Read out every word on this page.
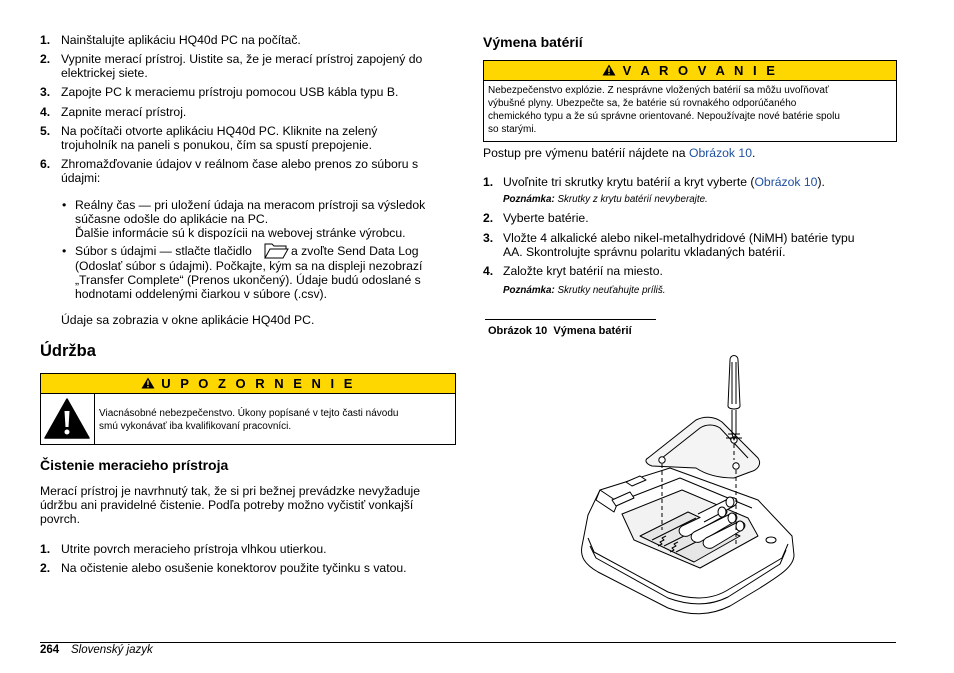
1. Nainštalujte aplikáciu HQ40d PC na počítač.
2. Vypnite merací prístroj. Uistite sa, že je merací prístroj zapojený do
elektrickej siete.
3. Zapojte PC k meraciemu prístroju pomocou USB kábla typu B.
4. Zapnite merací prístroj.
5. Na počítači otvorte aplikáciu HQ40d PC. Kliknite na zelený
trojuholník na paneli s ponukou, čím sa spustí prepojenie.
6. Zhromažďovanie údajov v reálnom čase alebo prenos zo súboru s
údajmi:
• Reálny čas — pri uložení údaja na meracom prístroji sa výsledok
súčasne odošle do aplikácie na PC.
Ďalšie informácie sú k dispozícii na webovej stránke výrobcu.
• Súbor s údajmi — stlačte tlačidlo	a zvoľte Send Data Log
(Odoslať súbor s údajmi). Počkajte, kým sa na displeji nezobrazí
„Transfer Complete“ (Prenos ukončený). Údaje budú odoslané s
hodnotami oddelenými čiarkou v súbore (.csv).
Údaje sa zobrazia v okne aplikácie HQ40d PC.
Údržba
U P O Z O R N E N I E
Viacnásobné nebezpečenstvo. Úkony popísané v tejto časti návodu
smú vykonávať iba kvalifikovaní pracovníci.
Čistenie meracieho prístroja
Merací prístroj je navrhnutý tak, že si pri bežnej prevádzke nevyžaduje
údržbu ani pravidelné čistenie. Podľa potreby možno vyčistiť vonkajší
povrch.
1. Utrite povrch meracieho prístroja vlhkou utierkou.
2. Na očistenie alebo osušenie konektorov použite tyčinku s vatou.
Výmena batérií
V A R O V A N I E
Nebezpečenstvo explózie. Z nesprávne vložených batérií sa môžu uvoľňovať
výbušné plyny. Ubezpečte sa, že batérie sú rovnakého odporúčaného
chemického typu a že sú správne orientované. Nepoužívajte nové batérie spolu
so starými.
Postup pre výmenu batérií nájdete na Obrázok 10.
1. Uvoľnite tri skrutky krytu batérií a kryt vyberte (Obrázok 10).
Poznámka: Skrutky z krytu batérií nevyberajte.
2. Vyberte batérie.
3. Vložte 4 alkalické alebo nikel-metalhydridové (NiMH) batérie typu
AA. Skontrolujte správnu polaritu vkladaných batérií.
4. Založte kryt batérií na miesto.
Poznámka: Skrutky neuťahujte príliš.
Obrázok 10  Výmena batérií
264 Slovenský jazyk
